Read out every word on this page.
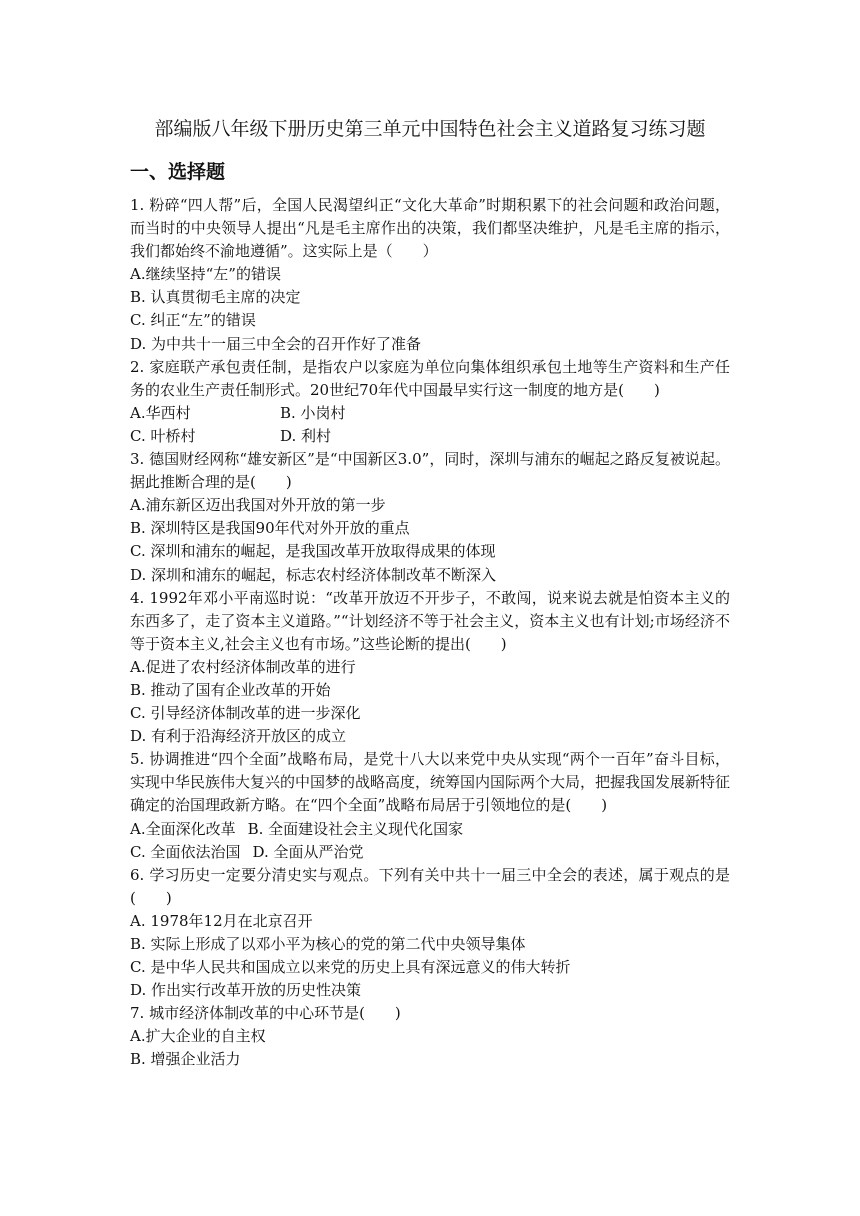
部编版八年级下册历史第三单元中国特色社会主义道路复习练习题
一、选择题

1. 粉碎“四人帮”后，全国人民渴望纠正“文化大革命”时期积累下的社会问题和政治问题，而当时的中央领导人提出“凡是毛主席作出的决策，我们都坚决维护，凡是毛主席的指示，我们都始终不渝地遵循”。这实际上是（　　）

A.继续坚持“左”的错误

B. 认真贯彻毛主席的决定

C. 纠正“左”的错误

D. 为中共十一届三中全会的召开作好了准备

2. 家庭联产承包责任制，是指农户以家庭为单位向集体组织承包土地等生产资料和生产任务的农业生产责任制形式。20世纪70年代中国最早实行这一制度的地方是(　　)

A.华西村	B. 小岗村
C. 叶桥村	D. 利村

3. 德国财经网称“雄安新区”是“中国新区3.0”，同时，深圳与浦东的崛起之路反复被说起。据此推断合理的是(　　)

A.浦东新区迈出我国对外开放的第一步

B. 深圳特区是我国90年代对外开放的重点

C. 深圳和浦东的崛起，是我国改革开放取得成果的体现

D. 深圳和浦东的崛起，标志农村经济体制改革不断深入

4. 1992年邓小平南巡时说：“改革开放迈不开步子，不敢闯，说来说去就是怕资本主义的东西多了，走了资本主义道路。”“计划经济不等于社会主义，资本主义也有计划;市场经济不等于资本主义,社会主义也有市场。”这些论断的提出(　　)

A.促进了农村经济体制改革的进行

B. 推动了国有企业改革的开始

C. 引导经济体制改革的进一步深化

D. 有利于沿海经济开放区的成立

5. 协调推进“四个全面”战略布局，是党十八大以来党中央从实现“两个一百年”奋斗目标，实现中华民族伟大复兴的中国梦的战略高度，统筹国内国际两个大局，把握我国发展新特征确定的治国理政新方略。在“四个全面”战略布局居于引领地位的是(　　)

A.全面深化改革 B. 全面建设社会主义现代化国家
C. 全面依法治国 D. 全面从严治党

6. 学习历史一定要分清史实与观点。下列有关中共十一届三中全会的表述，属于观点的是(　　)

A. 1978年12月在北京召开

B. 实际上形成了以邓小平为核心的党的第二代中央领导集体

C. 是中华人民共和国成立以来党的历史上具有深远意义的伟大转折

D. 作出实行改革开放的历史性决策

7. 城市经济体制改革的中心环节是(　　)

A.扩大企业的自主权

B. 增强企业活力
